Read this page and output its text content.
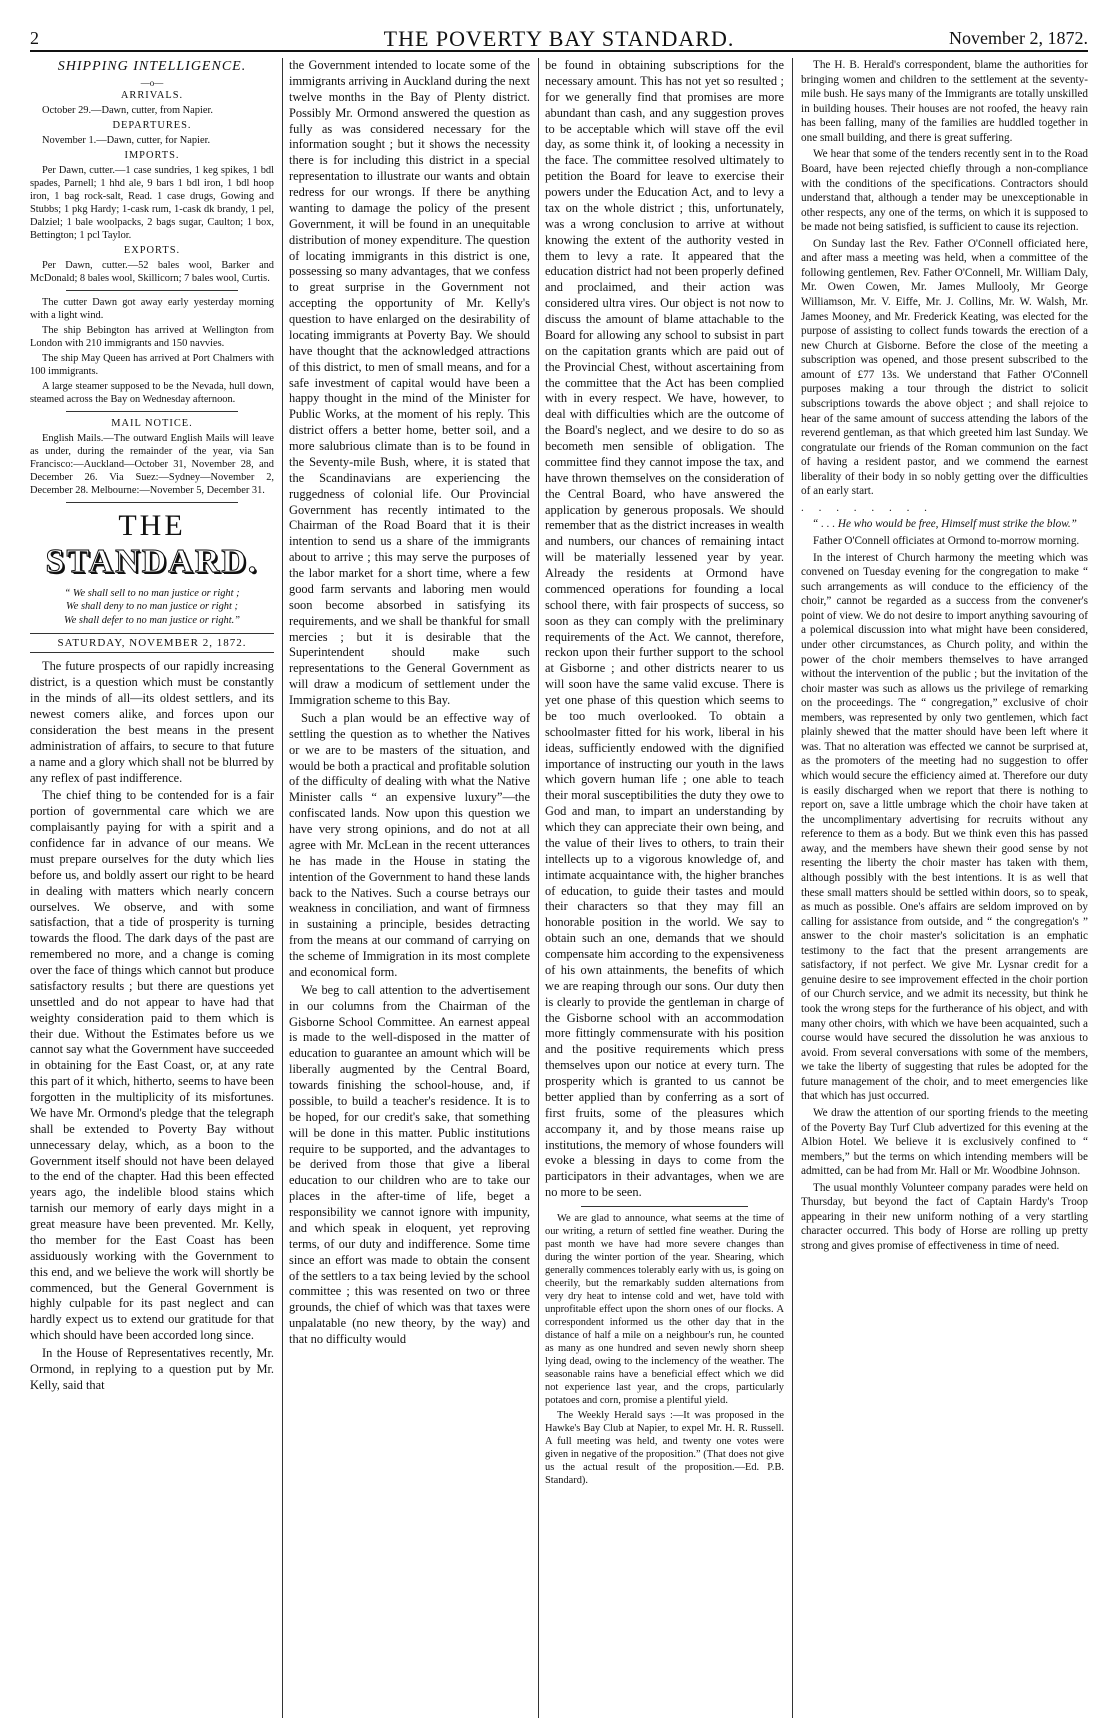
2	THE POVERTY BAY STANDARD.	November 2, 1872.

SHIPPING INTELLIGENCE.

—o—

ARRIVALS.

October 29.—Dawn, cutter, from Napier.

DEPARTURES.

November 1.—Dawn, cutter, for Napier.

IMPORTS.

Per Dawn, cutter.—1 case sundries, 1 keg spikes, 1 bdl spades, Parnell; 1 hhd ale, 9 bars 1 bdl iron, 1 bdl hoop iron, 1 bag rock-salt, Read. 1 case drugs, Gowing and Stubbs; 1 pkg Hardy; 1-cask rum, 1-cask dk brandy, 1 pel, Dalziel; 1 bale woolpacks, 2 bags sugar, Caulton; 1 box, Bettington; 1 pcl Taylor.

EXPORTS.

Per Dawn, cutter.—52 bales wool, Barker and McDonald; 8 bales wool, Skillicorn; 7 bales wool, Curtis.

The cutter Dawn got away early yesterday morning with a light wind.

The ship Bebington has arrived at Wellington from London with 210 immigrants and 150 navvies.

The ship May Queen has arrived at Port Chalmers with 100 immigrants.

A large steamer supposed to be the Nevada, hull down, steamed across the Bay on Wednesday afternoon.

MAIL NOTICE.

English Mails.—The outward English Mails will leave as under, during the remainder of the year, via San Francisco:—Auckland—October 31, November 28, and December 26. Via Suez:—Sydney—November 2, December 28. Melbourne:—November 5, December 31.

THE

STANDARD.

“ We shall sell to no man justice or right ;

We shall deny to no man justice or right ;

We shall defer to no man justice or right.”

SATURDAY, NOVEMBER 2, 1872.

The future prospects of our rapidly increasing district, is a question which must be constantly in the minds of all—its oldest settlers, and its newest comers alike, and forces upon our consideration the best means in the present administration of affairs, to secure to that future a name and a glory which shall not be blurred by any reflex of past indifference.

The chief thing to be contended for is a fair portion of governmental care which we are complaisantly paying for with a spirit and a confidence far in advance of our means. We must prepare ourselves for the duty which lies before us, and boldly assert our right to be heard in dealing with matters which nearly concern ourselves. We observe, and with some satisfaction, that a tide of prosperity is turning towards the flood. The dark days of the past are remembered no more, and a change is coming over the face of things which cannot but produce satisfactory results ; but there are questions yet unsettled and do not appear to have had that weighty consideration paid to them which is their due. Without the Estimates before us we cannot say what the Government have succeeded in obtaining for the East Coast, or, at any rate this part of it which, hitherto, seems to have been forgotten in the multiplicity of its misfortunes. We have Mr. Ormond's pledge that the telegraph shall be extended to Poverty Bay without unnecessary delay, which, as a boon to the Government itself should not have been delayed to the end of the chapter. Had this been effected years ago, the indelible blood stains which tarnish our memory of early days might in a great measure have been prevented. Mr. Kelly, tho member for the East Coast has been assiduously working with the Government to this end, and we believe the work will shortly be commenced, but the General Government is highly culpable for its past neglect and can hardly expect us to extend our gratitude for that which should have been accorded long since.

In the House of Representatives recently, Mr. Ormond, in replying to a question put by Mr. Kelly, said that

the Government intended to locate some of the immigrants arriving in Auckland during the next twelve months in the Bay of Plenty district. Possibly Mr. Ormond answered the question as fully as was considered necessary for the information sought ; but it shows the necessity there is for including this district in a special representation to illustrate our wants and obtain redress for our wrongs. If there be anything wanting to damage the policy of the present Government, it will be found in an unequitable distribution of money expenditure. The question of locating immigrants in this district is one, possessing so many advantages, that we confess to great surprise in the Government not accepting the opportunity of Mr. Kelly's question to have enlarged on the desirability of locating immigrants at Poverty Bay. We should have thought that the acknowledged attractions of this district, to men of small means, and for a safe investment of capital would have been a happy thought in the mind of the Minister for Public Works, at the moment of his reply. This district offers a better home, better soil, and a more salubrious climate than is to be found in the Seventy-mile Bush, where, it is stated that the Scandinavians are experiencing the ruggedness of colonial life. Our Provincial Government has recently intimated to the Chairman of the Road Board that it is their intention to send us a share of the immigrants about to arrive ; this may serve the purposes of the labor market for a short time, where a few good farm servants and laboring men would soon become absorbed in satisfying its requirements, and we shall be thankful for small mercies ; but it is desirable that the Superintendent should make such representations to the General Government as will draw a modicum of settlement under the Immigration scheme to this Bay.

Such a plan would be an effective way of settling the question as to whether the Natives or we are to be masters of the situation, and would be both a practical and profitable solution of the difficulty of dealing with what the Native Minister calls “ an expensive luxury”—the confiscated lands. Now upon this question we have very strong opinions, and do not at all agree with Mr. McLean in the recent utterances he has made in the House in stating the intention of the Government to hand these lands back to the Natives. Such a course betrays our weakness in conciliation, and want of firmness in sustaining a principle, besides detracting from the means at our command of carrying on the scheme of Immigration in its most complete and economical form.

We beg to call attention to the advertisement in our columns from the Chairman of the Gisborne School Committee. An earnest appeal is made to the well-disposed in the matter of education to guarantee an amount which will be liberally augmented by the Central Board, towards finishing the school-house, and, if possible, to build a teacher's residence. It is to be hoped, for our credit's sake, that something will be done in this matter. Public institutions require to be supported, and the advantages to be derived from those that give a liberal education to our children who are to take our places in the after-time of life, beget a responsibility we cannot ignore with impunity, and which speak in eloquent, yet reproving terms, of our duty and indifference. Some time since an effort was made to obtain the consent of the settlers to a tax being levied by the school committee ; this was resented on two or three grounds, the chief of which was that taxes were unpalatable (no new theory, by the way) and that no difficulty would

be found in obtaining subscriptions for the necessary amount. This has not yet so resulted ; for we generally find that promises are more abundant than cash, and any suggestion proves to be acceptable which will stave off the evil day, as some think it, of looking a necessity in the face. The committee resolved ultimately to petition the Board for leave to exercise their powers under the Education Act, and to levy a tax on the whole district ; this, unfortunately, was a wrong conclusion to arrive at without knowing the extent of the authority vested in them to levy a rate. It appeared that the education district had not been properly defined and proclaimed, and their action was considered ultra vires. Our object is not now to discuss the amount of blame attachable to the Board for allowing any school to subsist in part on the capitation grants which are paid out of the Provincial Chest, without ascertaining from the committee that the Act has been complied with in every respect. We have, however, to deal with difficulties which are the outcome of the Board's neglect, and we desire to do so as becometh men sensible of obligation. The committee find they cannot impose the tax, and have thrown themselves on the consideration of the Central Board, who have answered the application by generous proposals. We should remember that as the district increases in wealth and numbers, our chances of remaining intact will be materially lessened year by year. Already the residents at Ormond have commenced operations for founding a local school there, with fair prospects of success, so soon as they can comply with the preliminary requirements of the Act. We cannot, therefore, reckon upon their further support to the school at Gisborne ; and other districts nearer to us will soon have the same valid excuse. There is yet one phase of this question which seems to be too much overlooked. To obtain a schoolmaster fitted for his work, liberal in his ideas, sufficiently endowed with the dignified importance of instructing our youth in the laws which govern human life ; one able to teach their moral susceptibilities the duty they owe to God and man, to impart an understanding by which they can appreciate their own being, and the value of their lives to others, to train their intellects up to a vigorous knowledge of, and intimate acquaintance with, the higher branches of education, to guide their tastes and mould their characters so that they may fill an honorable position in the world. We say to obtain such an one, demands that we should compensate him according to the expensiveness of his own attainments, the benefits of which we are reaping through our sons. Our duty then is clearly to provide the gentleman in charge of the Gisborne school with an accommodation more fittingly commensurate with his position and the positive requirements which press themselves upon our notice at every turn. The prosperity which is granted to us cannot be better applied than by conferring as a sort of first fruits, some of the pleasures which accompany it, and by those means raise up institutions, the memory of whose founders will evoke a blessing in days to come from the participators in their advantages, when we are no more to be seen.

We are glad to announce, what seems at the time of our writing, a return of settled fine weather. During the past month we have had more severe changes than during the winter portion of the year. Shearing, which generally commences tolerably early with us, is going on cheerily, but the remarkably sudden alternations from very dry heat to intense cold and wet, have told with unprofitable effect upon the shorn ones of our flocks. A correspondent informed us the other day that in the distance of half a mile on a neighbour's run, he counted as many as one hundred and seven newly shorn sheep lying dead, owing to the inclemency of the weather. The seasonable rains have a beneficial effect which we did not experience last year, and the crops, particularly potatoes and corn, promise a plentiful yield.

The Weekly Herald says :—It was proposed in the Hawke's Bay Club at Napier, to expel Mr. H. R. Russell. A full meeting was held, and twenty one votes were given in negative of the proposition.” (That does not give us the actual result of the proposition.—Ed. P.B. Standard).

The H. B. Herald's correspondent, blame the authorities for bringing women and children to the settlement at the seventy-mile bush. He says many of the Immigrants are totally unskilled in building houses. Their houses are not roofed, the heavy rain has been falling, many of the families are huddled together in one small building, and there is great suffering.

We hear that some of the tenders recently sent in to the Road Board, have been rejected chiefly through a non-compliance with the conditions of the specifications. Contractors should understand that, although a tender may be unexceptionable in other respects, any one of the terms, on which it is supposed to be made not being satisfied, is sufficient to cause its rejection.

On Sunday last the Rev. Father O'Connell officiated here, and after mass a meeting was held, when a committee of the following gentlemen, Rev. Father O'Connell, Mr. William Daly, Mr. Owen Cowen, Mr. James Mullooly, Mr George Williamson, Mr. V. Eiffe, Mr. J. Collins, Mr. W. Walsh, Mr. James Mooney, and Mr. Frederick Keating, was elected for the purpose of assisting to collect funds towards the erection of a new Church at Gisborne. Before the close of the meeting a subscription was opened, and those present subscribed to the amount of £77 13s. We understand that Father O'Connell purposes making a tour through the district to solicit subscriptions towards the above object ; and shall rejoice to hear of the same amount of success attending the labors of the reverend gentleman, as that which greeted him last Sunday. We congratulate our friends of the Roman communion on the fact of having a resident pastor, and we commend the earnest liberality of their body in so nobly getting over the difficulties of an early start.

. . . . . . . .

“ . . . He who would be free, Himself must strike the blow.”

Father O'Connell officiates at Ormond to-morrow morning.

In the interest of Church harmony the meeting which was convened on Tuesday evening for the congregation to make “ such arrangements as will conduce to the efficiency of the choir,” cannot be regarded as a success from the convener's point of view. We do not desire to import anything savouring of a polemical discussion into what might have been considered, under other circumstances, as Church polity, and within the power of the choir members themselves to have arranged without the intervention of the public ; but the invitation of the choir master was such as allows us the privilege of remarking on the proceedings. The “ congregation,” exclusive of choir members, was represented by only two gentlemen, which fact plainly shewed that the matter should have been left where it was. That no alteration was effected we cannot be surprised at, as the promoters of the meeting had no suggestion to offer which would secure the efficiency aimed at. Therefore our duty is easily discharged when we report that there is nothing to report on, save a little umbrage which the choir have taken at the uncomplimentary advertising for recruits without any reference to them as a body. But we think even this has passed away, and the members have shewn their good sense by not resenting the liberty the choir master has taken with them, although possibly with the best intentions. It is as well that these small matters should be settled within doors, so to speak, as much as possible. One's affairs are seldom improved on by calling for assistance from outside, and “ the congregation's ” answer to the choir master's solicitation is an emphatic testimony to the fact that the present arrangements are satisfactory, if not perfect. We give Mr. Lysnar credit for a genuine desire to see improvement effected in the choir portion of our Church service, and we admit its necessity, but think he took the wrong steps for the furtherance of his object, and with many other choirs, with which we have been acquainted, such a course would have secured the dissolution he was anxious to avoid. From several conversations with some of the members, we take the liberty of suggesting that rules be adopted for the future management of the choir, and to meet emergencies like that which has just occurred.

We draw the attention of our sporting friends to the meeting of the Poverty Bay Turf Club advertized for this evening at the Albion Hotel. We believe it is exclusively confined to “ members,” but the terms on which intending members will be admitted, can be had from Mr. Hall or Mr. Woodbine Johnson.

The usual monthly Volunteer company parades were held on Thursday, but beyond the fact of Captain Hardy's Troop appearing in their new uniform nothing of a very startling character occurred. This body of Horse are rolling up pretty strong and gives promise of effectiveness in time of need.
